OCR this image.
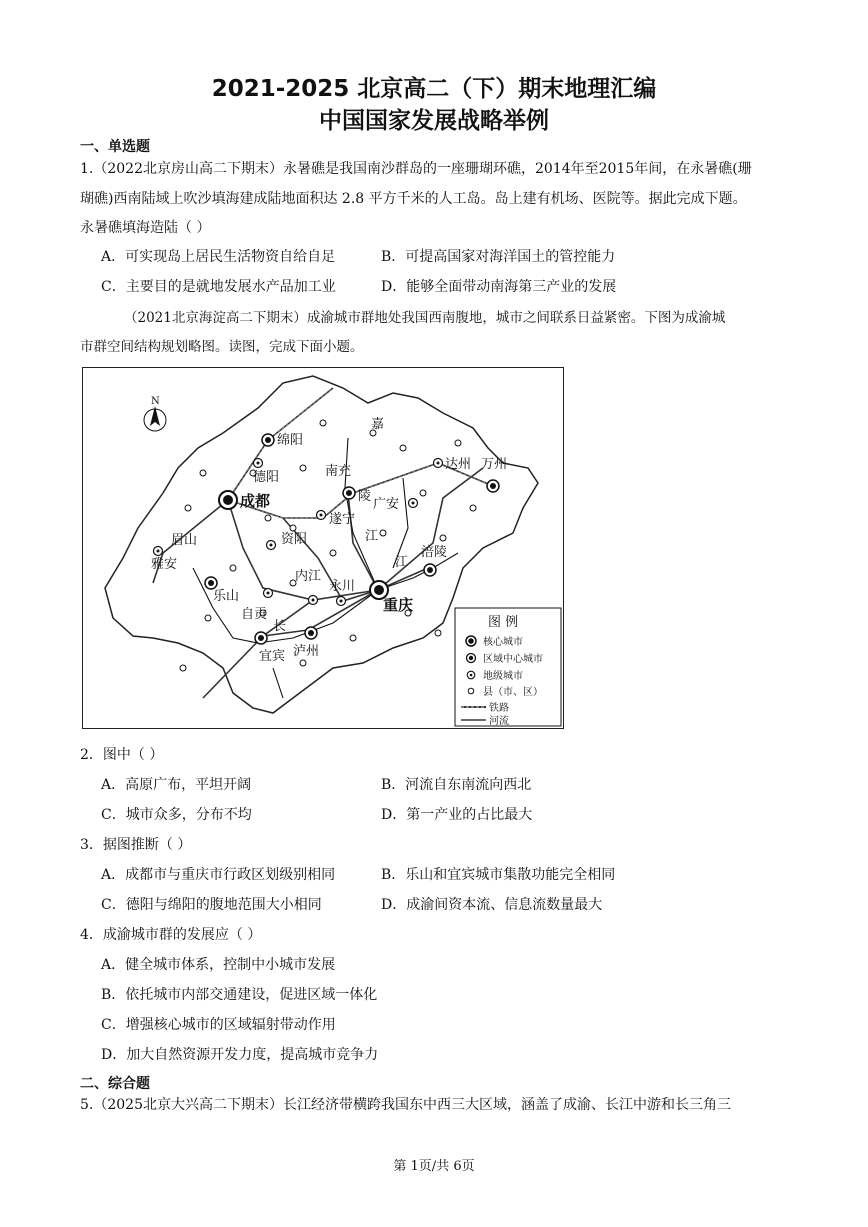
2021-2025 北京高二（下）期末地理汇编
中国国家发展战略举例
一、单选题
1.（2022北京房山高二下期末）永暑礁是我国南沙群岛的一座珊瑚环礁，2014年至2015年间，在永暑礁(珊
瑚礁)西南陆域上吹沙填海建成陆地面积达 2.8 平方千米的人工岛。岛上建有机场、医院等。据此完成下题。
永暑礁填海造陆（ ）
A．可实现岛上居民生活物资自给自足	B．可提高国家对海洋国土的管控能力
C．主要目的是就地发展水产品加工业	D．能够全面带动南海第三产业的发展
（2021北京海淀高二下期末）成渝城市群地处我国西南腹地，城市之间联系日益紧密。下图为成渝城
市群空间结构规划略图。读图，完成下面小题。
N
绵阳
德阳
成都
南充
嘉
陵
广安
达州 万州
遂宁
江
眉山
雅安
资阳
内江
永川
江
涪陵
重庆
乐山
自贡
长
宜宾 泸州
图 例
核心城市
区域中心城市
地级城市
县（市、区）
铁路
河流
2．图中（ ）
A．高原广布，平坦开阔	B．河流自东南流向西北
C．城市众多，分布不均	D．第一产业的占比最大
3．据图推断（ ）
A．成都市与重庆市行政区划级别相同	B．乐山和宜宾城市集散功能完全相同
C．德阳与绵阳的腹地范围大小相同	D．成渝间资本流、信息流数量最大
4．成渝城市群的发展应（ ）
A．健全城市体系，控制中小城市发展
B．依托城市内部交通建设，促进区域一体化
C．增强核心城市的区域辐射带动作用
D．加大自然资源开发力度，提高城市竞争力
二、综合题
5.（2025北京大兴高二下期末）长江经济带横跨我国东中西三大区域，涵盖了成渝、长江中游和长三角三
第 1页/共 6页
